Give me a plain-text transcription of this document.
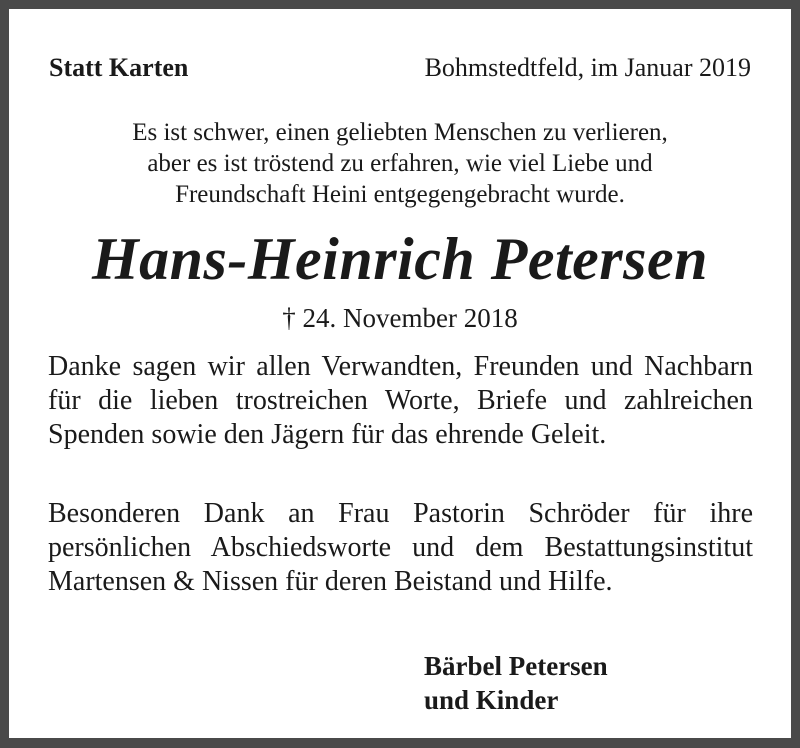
Statt Karten	Bohmstedtfeld, im Januar 2019
Es ist schwer, einen geliebten Menschen zu verlieren,
aber es ist tröstend zu erfahren, wie viel Liebe und
Freundschaft Heini entgegengebracht wurde.
Hans-Heinrich Petersen
† 24. November 2018
Danke sagen wir allen Verwandten, Freunden und Nachbarn für die lieben trostreichen Worte, Briefe und zahlreichen Spenden sowie den Jägern für das ehrende Geleit.
Besonderen Dank an Frau Pastorin Schröder für ihre persönlichen Abschiedsworte und dem Bestattungsinstitut Martensen & Nissen für deren Beistand und Hilfe.
Bärbel Petersen
und Kinder
